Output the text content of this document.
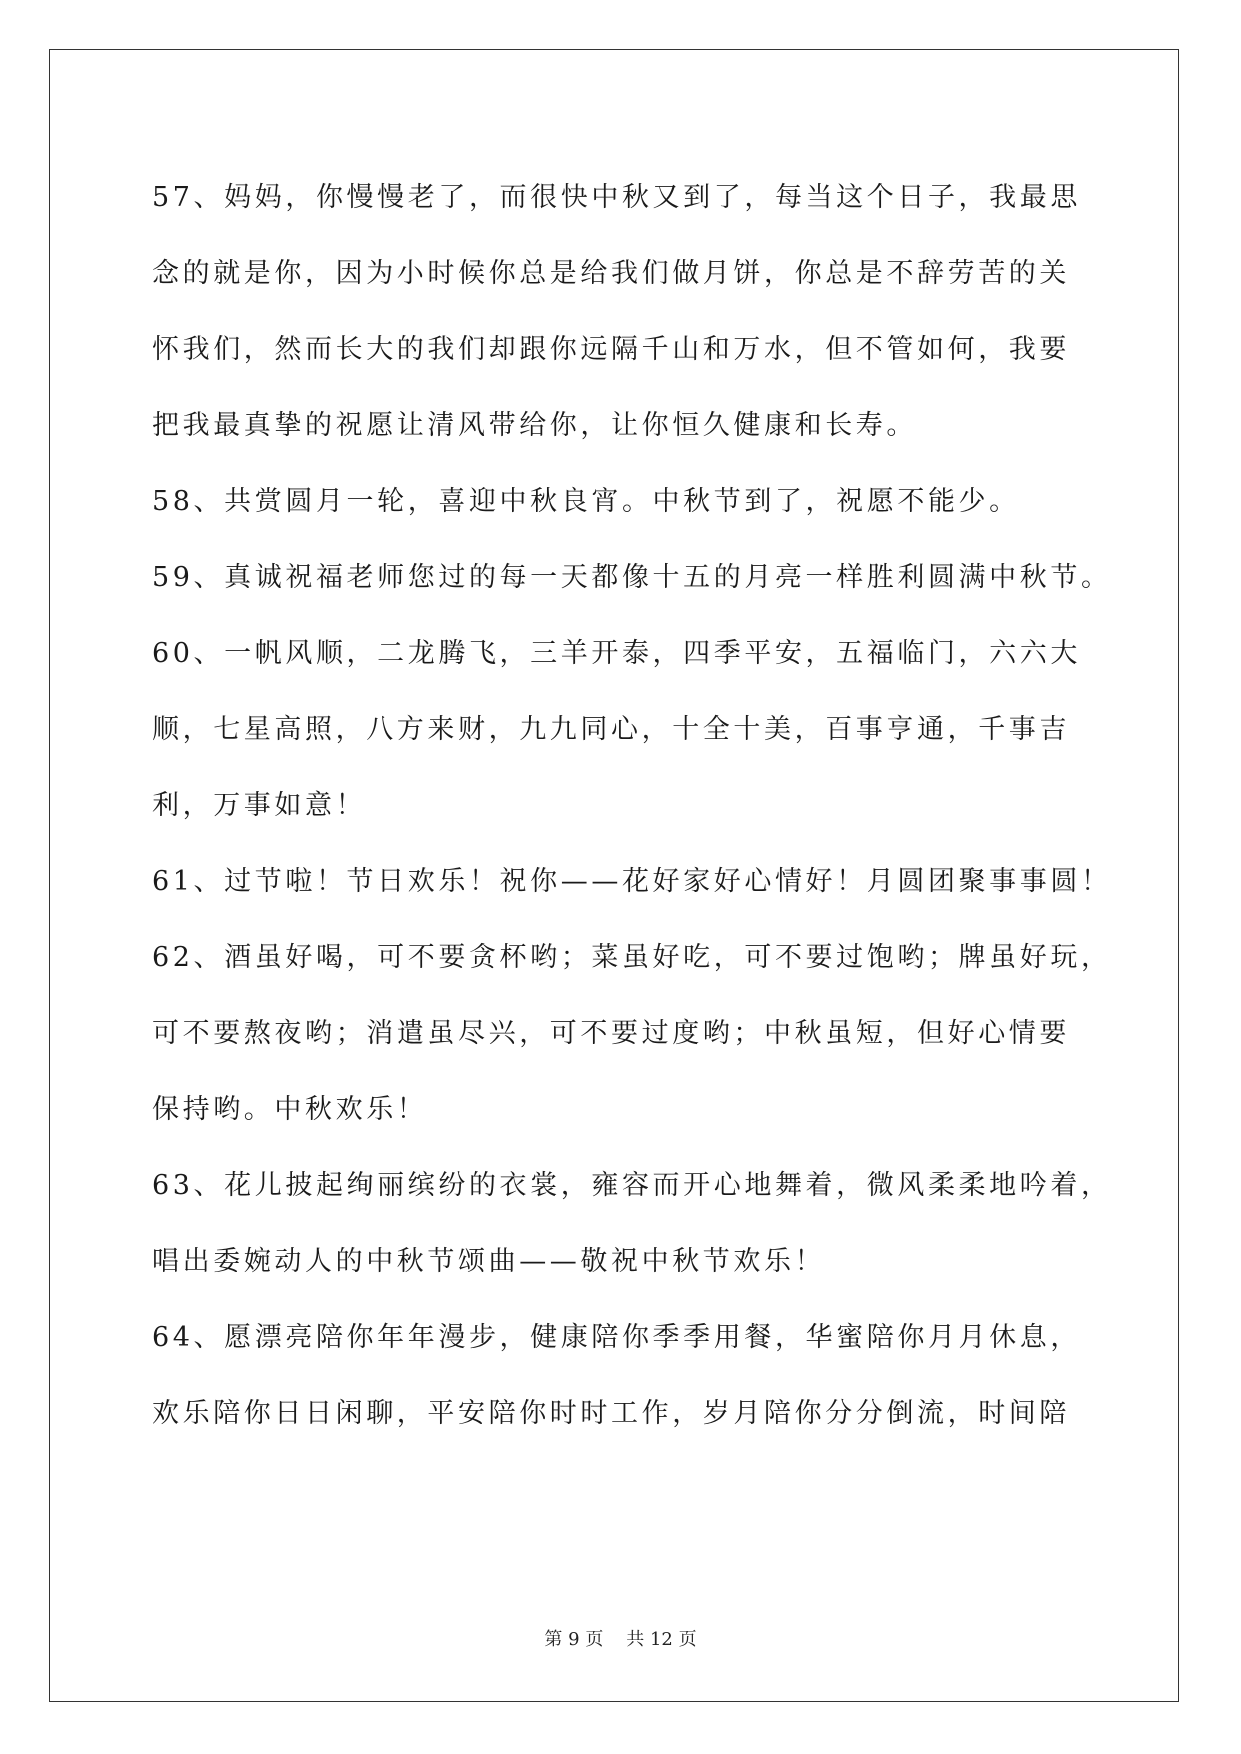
57、妈妈，你慢慢老了，而很快中秋又到了，每当这个日子，我最思
念的就是你，因为小时候你总是给我们做月饼，你总是不辞劳苦的关
怀我们，然而长大的我们却跟你远隔千山和万水，但不管如何，我要
把我最真挚的祝愿让清风带给你，让你恒久健康和长寿。
58、共赏圆月一轮，喜迎中秋良宵。中秋节到了，祝愿不能少。
59、真诚祝福老师您过的每一天都像十五的月亮一样胜利圆满中秋节。
60、一帆风顺，二龙腾飞，三羊开泰，四季平安，五福临门，六六大
顺，七星高照，八方来财，九九同心，十全十美，百事亨通，千事吉
利，万事如意！
61、过节啦！节日欢乐！祝你——花好家好心情好！月圆团聚事事圆！
62、酒虽好喝，可不要贪杯哟；菜虽好吃，可不要过饱哟；牌虽好玩，
可不要熬夜哟；消遣虽尽兴，可不要过度哟；中秋虽短，但好心情要
保持哟。中秋欢乐！
63、花儿披起绚丽缤纷的衣裳，雍容而开心地舞着，微风柔柔地吟着，
唱出委婉动人的中秋节颂曲——敬祝中秋节欢乐！
64、愿漂亮陪你年年漫步，健康陪你季季用餐，华蜜陪你月月休息，
欢乐陪你日日闲聊，平安陪你时时工作，岁月陪你分分倒流，时间陪
第 9 页 共 12 页
